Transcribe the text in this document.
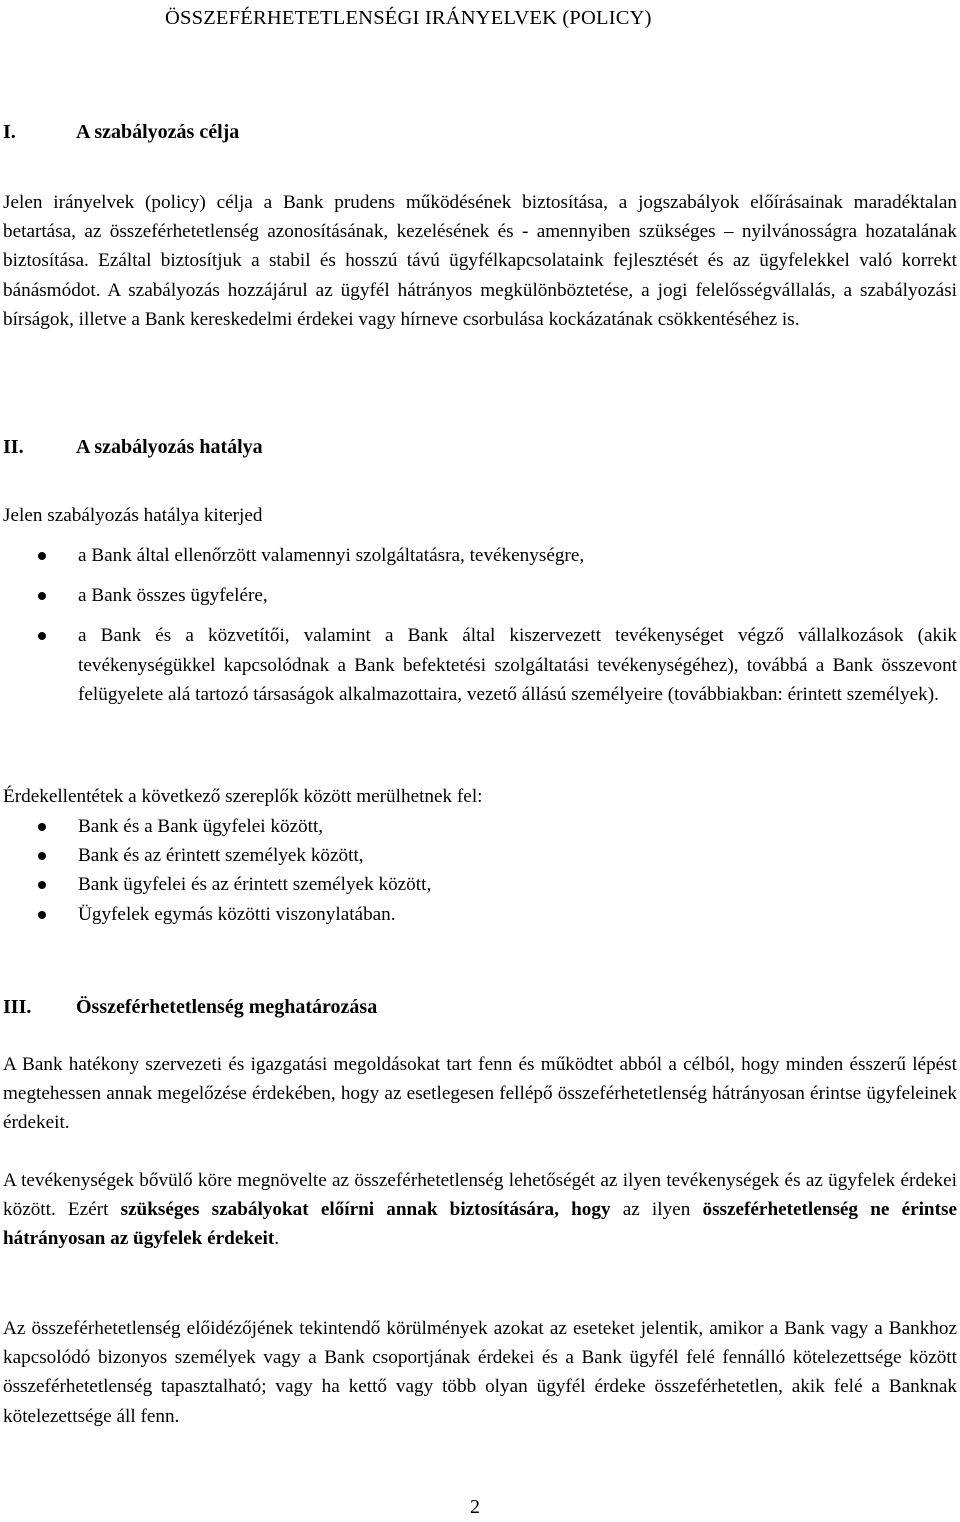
ÖSSZEFÉRHETETLENSÉGI IRÁNYELVEK (POLICY)
I.	A szabályozás célja
Jelen irányelvek (policy) célja a Bank prudens működésének biztosítása, a jogszabályok előírásainak maradéktalan betartása, az összeférhetetlenség azonosításának, kezelésének és - amennyiben szükséges – nyilvánosságra hozatalának biztosítása. Ezáltal biztosítjuk a stabil és hosszú távú ügyfélkapcsolataink fejlesztését és az ügyfelekkel való korrekt bánásmódot. A szabályozás hozzájárul az ügyfél hátrányos megkülönböztetése, a jogi felelősségvállalás, a szabályozási bírságok, illetve a Bank kereskedelmi érdekei vagy hírneve csorbulása kockázatának csökkentéséhez is.
II.	A szabályozás hatálya
Jelen szabályozás hatálya kiterjed
a Bank által ellenőrzött valamennyi szolgáltatásra, tevékenységre,
a Bank összes ügyfelére,
a Bank és a közvetítői, valamint a Bank által kiszervezett tevékenységet végző vállalkozások (akik tevékenységükkel kapcsolódnak a Bank befektetési szolgáltatási tevékenységéhez), továbbá a Bank összevont felügyelete alá tartozó társaságok alkalmazottaira, vezető állású személyeire (továbbiakban: érintett személyek).
Érdekellentétek a következő szereplők között merülhetnek fel:
Bank és a Bank ügyfelei között,
Bank és az érintett személyek között,
Bank ügyfelei és az érintett személyek között,
Ügyfelek egymás közötti viszonylatában.
III. Összeférhetetlenség meghatározása
A Bank hatékony szervezeti és igazgatási megoldásokat tart fenn és működtet abból a célból, hogy minden ésszerű lépést megtehessen annak megelőzése érdekében, hogy az esetlegesen fellépő összeférhetetlenség hátrányosan érintse ügyfeleinek érdekeit.
A tevékenységek bővülő köre megnövelte az összeférhetetlenség lehetőségét az ilyen tevékenységek és az ügyfelek érdekei között. Ezért szükséges szabályokat előírni annak biztosítására, hogy az ilyen összeférhetetlenség ne érintse hátrányosan az ügyfelek érdekeit.
Az összeférhetetlenség előidézőjének tekintendő körülmények azokat az eseteket jelentik, amikor a Bank vagy a Bankhoz kapcsolódó bizonyos személyek vagy a Bank csoportjának érdekei és a Bank ügyfél felé fennálló kötelezettsége között összeférhetetlenség tapasztalható; vagy ha kettő vagy több olyan ügyfél érdeke összeférhetetlen, akik felé a Banknak kötelezettsége áll fenn.
2
